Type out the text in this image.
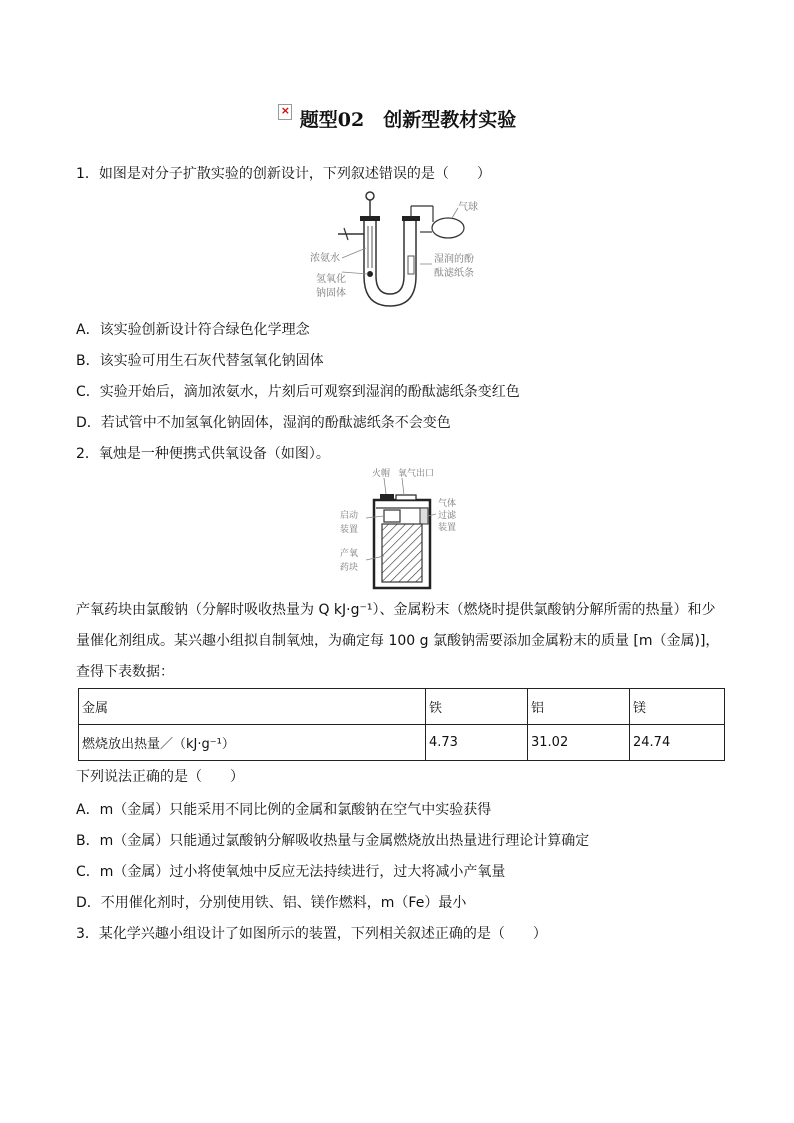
×题型02　创新型教材实验
1．如图是对分子扩散实验的创新设计，下列叙述错误的是（　　）
气球
浓氨水
氢氧化
钠固体
湿润的酚
酞滤纸条
A．该实验创新设计符合绿色化学理念
B．该实验可用生石灰代替氢氧化钠固体
C．实验开始后，滴加浓氨水，片刻后可观察到湿润的酚酞滤纸条变红色
D．若试管中不加氢氧化钠固体，湿润的酚酞滤纸条不会变色
2．氧烛是一种便携式供氧设备（如图）。
火帽 氧气出口
启动
装置
产氧
药块
气体
过滤
装置
产氧药块由氯酸钠（分解时吸收热量为 Q kJ·g⁻¹）、金属粉末（燃烧时提供氯酸钠分解所需的热量）和少量催化剂组成。某兴趣小组拟自制氧烛，为确定每 100 g 氯酸钠需要添加金属粉末的质量 [m（金属)]，查得下表数据：
金属	铁	铝	镁
燃烧放出热量／（kJ·g⁻¹）	4.73	31.02	24.74
下列说法正确的是（　　）
A．m（金属）只能采用不同比例的金属和氯酸钠在空气中实验获得
B．m（金属）只能通过氯酸钠分解吸收热量与金属燃烧放出热量进行理论计算确定
C．m（金属）过小将使氧烛中反应无法持续进行，过大将减小产氧量
D．不用催化剂时，分别使用铁、铝、镁作燃料，m（Fe）最小
3．某化学兴趣小组设计了如图所示的装置，下列相关叙述正确的是（　　）
